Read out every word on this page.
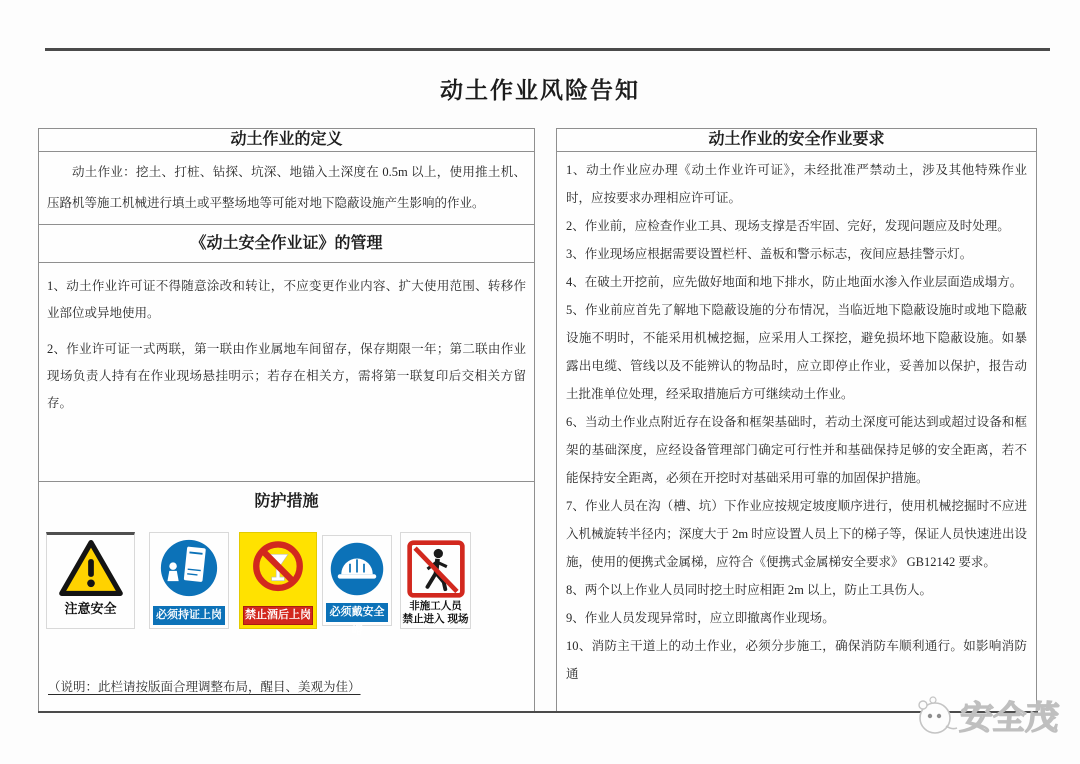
动土作业风险告知
动土作业的定义
动土作业：挖土、打桩、钻探、坑深、地锚入土深度在 0.5m 以上，使用推土机、压路机等施工机械进行填土或平整场地等可能对地下隐蔽设施产生影响的作业。
《动土安全作业证》的管理

1、动土作业许可证不得随意涂改和转让，不应变更作业内容、扩大使用范围、转移作业部位或异地使用。

2、作业许可证一式两联，第一联由作业属地车间留存，保存期限一年；第二联由作业现场负责人持有在作业现场悬挂明示；若存在相关方，需将第一联复印后交相关方留存。

防护措施
注意安全	必须持证上岗 禁止酒后上岗	必须戴安全帽
非施工人员
禁止进入 现场
（说明：此栏请按版面合理调整布局，醒目、美观为佳）
动土作业的安全作业要求

1、动土作业应办理《动土作业许可证》，未经批准严禁动土，涉及其他特殊作业时，应按要求办理相应许可证。

2、作业前，应检查作业工具、现场支撑是否牢固、完好，发现问题应及时处理。

3、作业现场应根据需要设置栏杆、盖板和警示标志，夜间应悬挂警示灯。

4、在破土开挖前，应先做好地面和地下排水，防止地面水渗入作业层面造成塌方。

5、作业前应首先了解地下隐蔽设施的分布情况，当临近地下隐蔽设施时或地下隐蔽设施不明时，不能采用机械挖掘，应采用人工探挖，避免损坏地下隐蔽设施。如暴露出电缆、管线以及不能辨认的物品时，应立即停止作业，妥善加以保护，报告动土批准单位处理，经采取措施后方可继续动土作业。

6、当动土作业点附近存在设备和框架基础时，若动土深度可能达到或超过设备和框架的基础深度，应经设备管理部门确定可行性并和基础保持足够的安全距离，若不能保持安全距离，必须在开挖时对基础采用可靠的加固保护措施。

7、作业人员在沟（槽、坑）下作业应按规定坡度顺序进行，使用机械挖掘时不应进入机械旋转半径内；深度大于 2m 时应设置人员上下的梯子等，保证人员快速进出设施，使用的便携式金属梯，应符合《便携式金属梯安全要求》 GB12142 要求。

8、两个以上作业人员同时挖土时应相距 2m 以上，防止工具伤人。

9、作业人员发现异常时，应立即撤离作业现场。

10、消防主干道上的动土作业，必须分步施工，确保消防车顺利通行。如影响消防通

安全茂
